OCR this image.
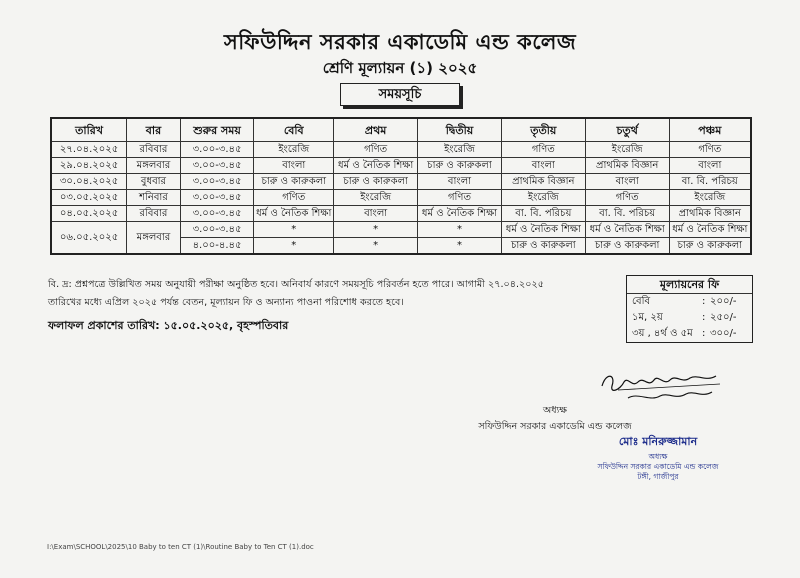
সফিউদ্দিন সরকার একাডেমি এন্ড কলেজ
শ্রেণি মূল্যায়ন (১) ২০২৫
সময়সূচি
তারিখ	বার	শুরুর সময়	বেবি	প্রথম	দ্বিতীয়	তৃতীয়	চতুর্থ	পঞ্চম
২৭.০৪.২০২৫	রবিবার	৩.০০-৩.৪৫	ইংরেজি	গণিত	ইংরেজি	গণিত	ইংরেজি	গণিত
২৯.০৪.২০২৫	মঙ্গলবার	৩.০০-৩.৪৫	বাংলা	ধর্ম ও নৈতিক শিক্ষা	চারু ও কারুকলা	বাংলা	প্রাথমিক বিজ্ঞান	বাংলা
৩০.০৪.২০২৫	বুধবার	৩.০০-৩.৪৫	চারু ও কারুকলা	চারু ও কারুকলা	বাংলা	প্রাথমিক বিজ্ঞান	বাংলা	বা. বি. পরিচয়
০৩.০৫.২০২৫	শনিবার	৩.০০-৩.৪৫	গণিত	ইংরেজি	গণিত	ইংরেজি	গণিত	ইংরেজি
০৪.০৫.২০২৫	রবিবার	৩.০০-৩.৪৫	ধর্ম ও নৈতিক শিক্ষা	বাংলা	ধর্ম ও নৈতিক শিক্ষা	বা. বি. পরিচয়	বা. বি. পরিচয়	প্রাথমিক বিজ্ঞান
০৬.০৫.২০২৫	মঙ্গলবার	৩.০০-৩.৪৫	*	*	*	ধর্ম ও নৈতিক শিক্ষা	ধর্ম ও নৈতিক শিক্ষা	ধর্ম ও নৈতিক শিক্ষা
		৪.০০-৪.৪৫	*	*	*	চারু ও কারুকলা	চারু ও কারুকলা	চারু ও কারুকলা
বি. দ্র: প্রশ্নপত্রে উল্লিখিত সময় অনুযায়ী পরীক্ষা অনুষ্ঠিত হবে। অনিবার্য কারণে সময়সূচি পরিবর্তন হতে পারে। আগামী ২৭.০৪.২০২৫
তারিখের মধ্যে এপ্রিল ২০২৫ পর্যন্ত বেতন, মূল্যায়ন ফি ও অন্যান্য পাওনা পরিশোধ করতে হবে।
ফলাফল প্রকাশের তারিখ: ১৫.০৫.২০২৫, বৃহস্পতিবার
মূল্যায়নের ফি
বেবি	: ২০০/-
১ম, ২য়	: ২৫০/-
৩য় , ৪র্থ ও ৫ম : ৩০০/-
অধ্যক্ষ
সফিউদ্দিন সরকার একাডেমি এন্ড কলেজ
মোঃ মনিরুজ্জামান
অধ্যক্ষ
সফিউদ্দিন সরকার একাডেমি এন্ড কলেজ
টঙ্গী, গাজীপুর
I:\Exam\SCHOOL\2025\10 Baby to ten CT (1)\Routine Baby to Ten CT (1).doc
